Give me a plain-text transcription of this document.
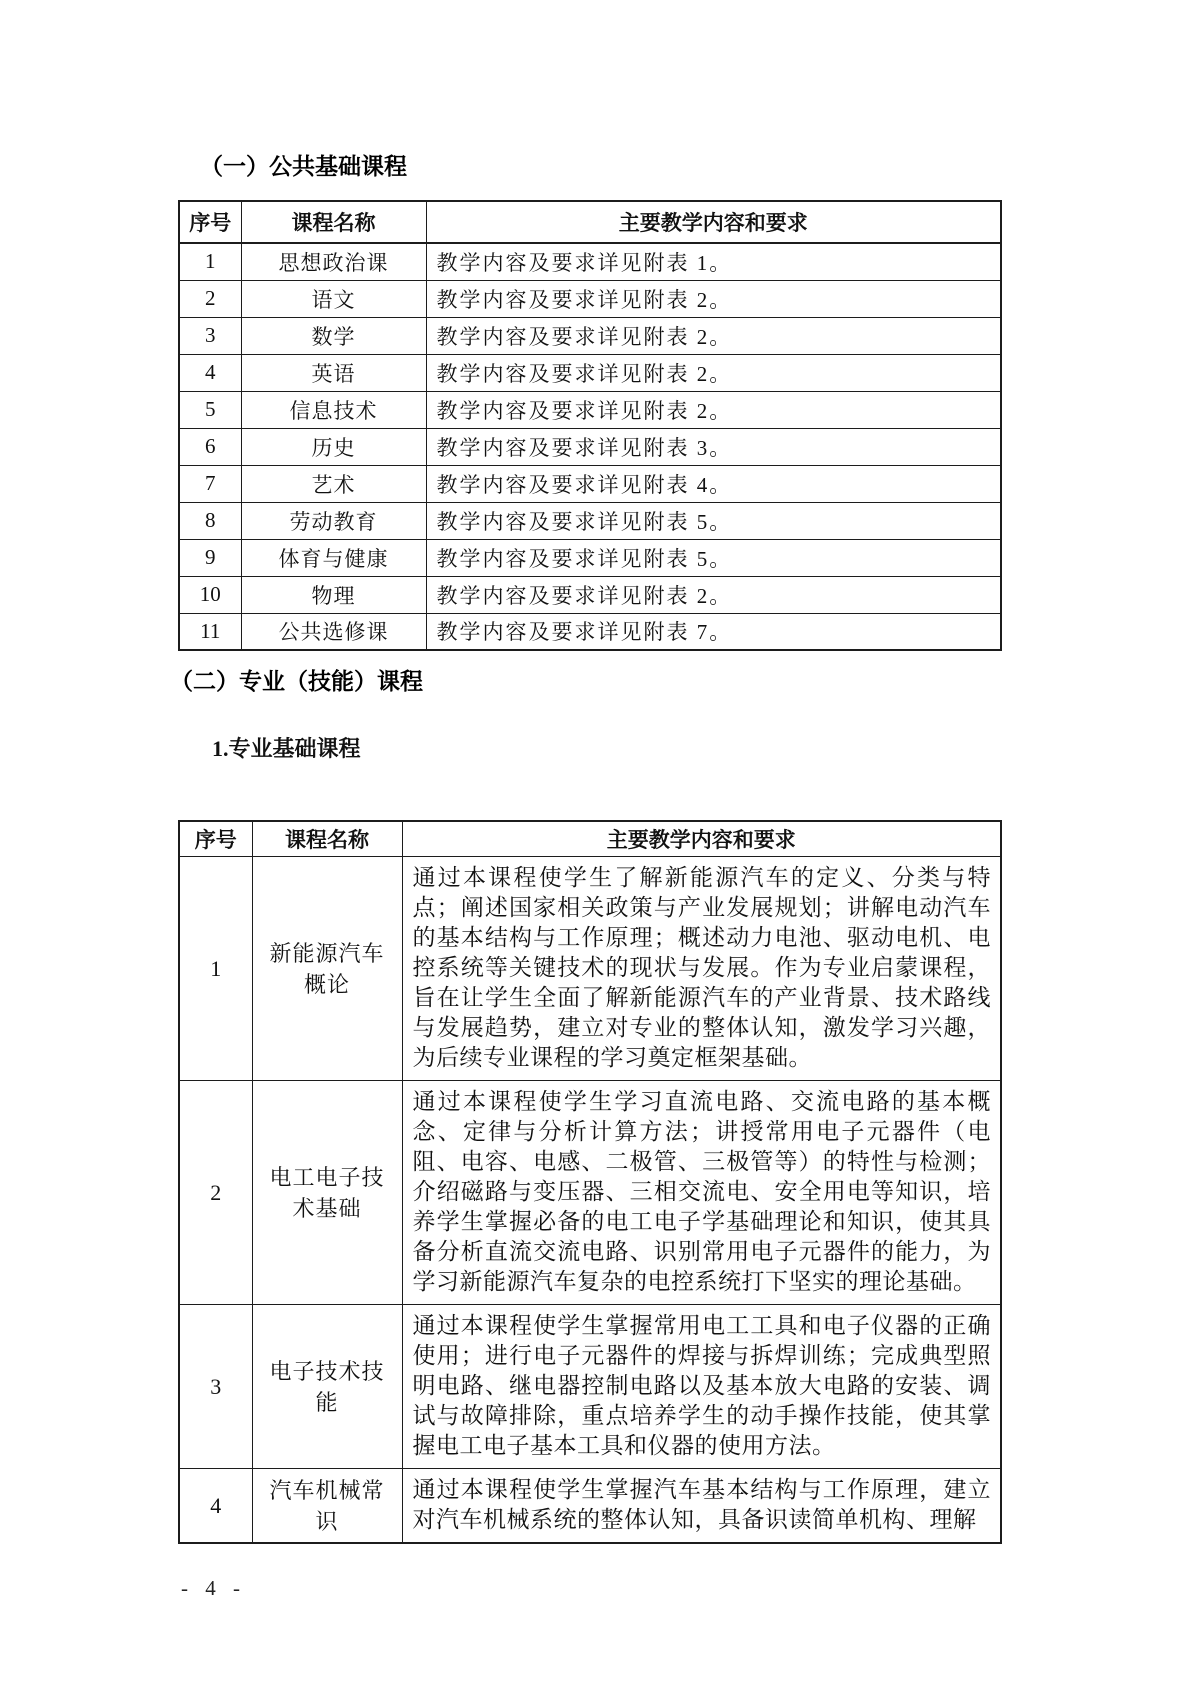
（一）公共基础课程
序号	课程名称	主要教学内容和要求
1	思想政治课	教学内容及要求详见附表 1。
2	语文	教学内容及要求详见附表 2。
3	数学	教学内容及要求详见附表 2。
4	英语	教学内容及要求详见附表 2。
5	信息技术	教学内容及要求详见附表 2。
6	历史	教学内容及要求详见附表 3。
7	艺术	教学内容及要求详见附表 4。
8	劳动教育	教学内容及要求详见附表 5。
9	体育与健康	教学内容及要求详见附表 5。
10	物理	教学内容及要求详见附表 2。
11	公共选修课	教学内容及要求详见附表 7。
（二）专业（技能）课程
1.专业基础课程
序号	课程名称	主要教学内容和要求
1	新能源汽车概论	通过本课程使学生了解新能源汽车的定义、分类与特点；阐述国家相关政策与产业发展规划；讲解电动汽车的基本结构与工作原理；概述动力电池、驱动电机、电控系统等关键技术的现状与发展。作为专业启蒙课程，旨在让学生全面了解新能源汽车的产业背景、技术路线与发展趋势，建立对专业的整体认知，激发学习兴趣，为后续专业课程的学习奠定框架基础。
2	电工电子技术基础	通过本课程使学生学习直流电路、交流电路的基本概念、定律与分析计算方法；讲授常用电子元器件（电阻、电容、电感、二极管、三极管等）的特性与检测；介绍磁路与变压器、三相交流电、安全用电等知识，培养学生掌握必备的电工电子学基础理论和知识，使其具备分析直流交流电路、识别常用电子元器件的能力，为学习新能源汽车复杂的电控系统打下坚实的理论基础。
3	电子技术技能	通过本课程使学生掌握常用电工工具和电子仪器的正确使用；进行电子元器件的焊接与拆焊训练；完成典型照明电路、继电器控制电路以及基本放大电路的安装、调试与故障排除，重点培养学生的动手操作技能，使其掌握电工电子基本工具和仪器的使用方法。
4	汽车机械常识	通过本课程使学生掌握汽车基本结构与工作原理，建立对汽车机械系统的整体认知，具备识读简单机构、理解
- 4 -
